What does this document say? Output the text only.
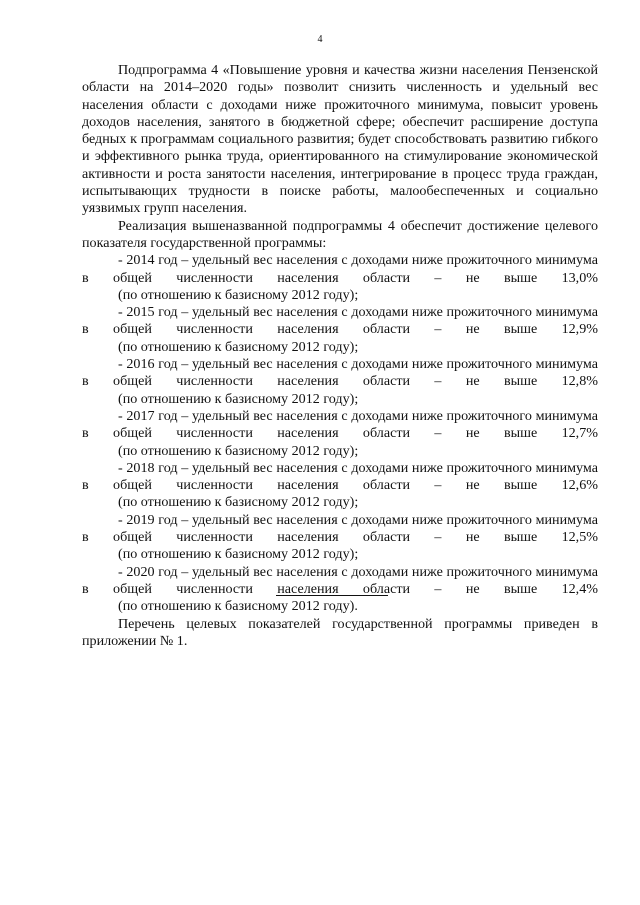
4

Подпрограмма 4 «Повышение уровня и качества жизни населения Пензенской области на 2014–2020 годы» позволит снизить численность и удельный вес населения области с доходами ниже прожиточного минимума, повысит уровень доходов населения, занятого в бюджетной сфере; обеспечит расширение доступа бедных к программам социального развития; будет способствовать развитию гибкого и эффективного рынка труда, ориентированного на стимулирование экономической активности и роста занятости населения, интегрирование в процесс труда граждан, испытывающих трудности в поиске работы, малообеспеченных и социально уязвимых групп населения.

Реализация вышеназванной подпрограммы 4 обеспечит достижение целевого показателя государственной программы:

- 2014 год – удельный вес населения с доходами ниже прожиточного минимума в общей численности населения области – не выше 13,0%

(по отношению к базисному 2012 году);

- 2015 год – удельный вес населения с доходами ниже прожиточного минимума в общей численности населения области – не выше 12,9%

(по отношению к базисному 2012 году);

- 2016 год – удельный вес населения с доходами ниже прожиточного минимума в общей численности населения области – не выше 12,8%

(по отношению к базисному 2012 году);

- 2017 год – удельный вес населения с доходами ниже прожиточного минимума в общей численности населения области – не выше 12,7%

(по отношению к базисному 2012 году);

- 2018 год – удельный вес населения с доходами ниже прожиточного минимума в общей численности населения области – не выше 12,6%

(по отношению к базисному 2012 году);

- 2019 год – удельный вес населения с доходами ниже прожиточного минимума в общей численности населения области – не выше 12,5%

(по отношению к базисному 2012 году);

- 2020 год – удельный вес населения с доходами ниже прожиточного минимума в общей численности населения области – не выше 12,4%

(по отношению к базисному 2012 году).

Перечень целевых показателей государственной программы приведен в приложении № 1.
